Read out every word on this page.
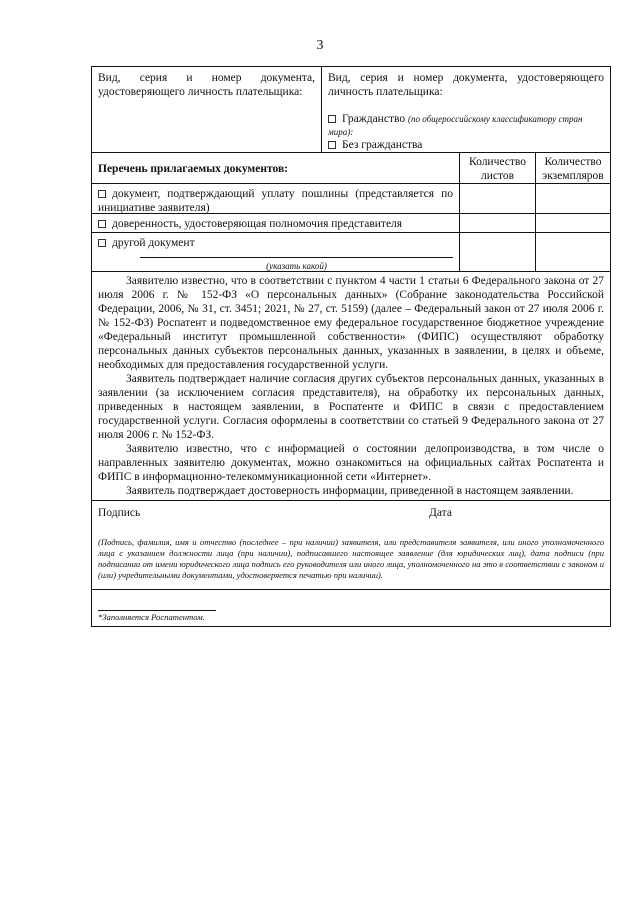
3
Вид, серия и номер документа, удостоверяющего личность плательщика:
Вид, серия и номер документа, удостоверяющего личность плательщика:
Гражданство (по общероссийскому классификатору стран мира):
Без гражданства
Перечень прилагаемых документов:
Количество листов
Количество экземпляров
документ, подтверждающий уплату пошлины (представляется по инициативе заявителя)
доверенность, удостоверяющая полномочия представителя
другой документ
(указать какой)

Заявителю известно, что в соответствии с пунктом 4 части 1 статьи 6 Федерального закона от 27 июля 2006 г. № 152-ФЗ «О персональных данных» (Собрание законодательства Российской Федерации, 2006, № 31, ст. 3451; 2021, № 27, ст. 5159) (далее – Федеральный закон от 27 июля 2006 г. № 152-ФЗ) Роспатент и подведомственное ему федеральное государственное бюджетное учреждение «Федеральный институт промышленной собственности» (ФИПС) осуществляют обработку персональных данных субъектов персональных данных, указанных в заявлении, в целях и объеме, необходимых для предоставления государственной услуги.

Заявитель подтверждает наличие согласия других субъектов персональных данных, указанных в заявлении (за исключением согласия представителя), на обработку их персональных данных, приведенных в настоящем заявлении, в Роспатенте и ФИПС в связи с предоставлением государственной услуги. Согласия оформлены в соответствии со статьей 9 Федерального закона от 27 июля 2006 г. № 152-ФЗ.

Заявителю известно, что с информацией о состоянии делопроизводства, в том числе о направленных заявителю документах, можно ознакомиться на официальных сайтах Роспатента и ФИПС в информационно-телекоммуникационной сети «Интернет».

Заявитель подтверждает достоверность информации, приведенной в настоящем заявлении.

Подпись	Дата
(Подпись, фамилия, имя и отчество (последнее – при наличии) заявителя, или представителя заявителя, или иного уполномоченного лица с указанием должности лица (при наличии), подписавшего настоящее заявление (для юридических лиц), дата подписи (при подписании от имени юридического лица подпись его руководителя или иного лица, уполномоченного на это в соответствии с законом и (или) учредительными документами, удостоверяется печатью при наличии).
*Заполняется Роспатентом.
